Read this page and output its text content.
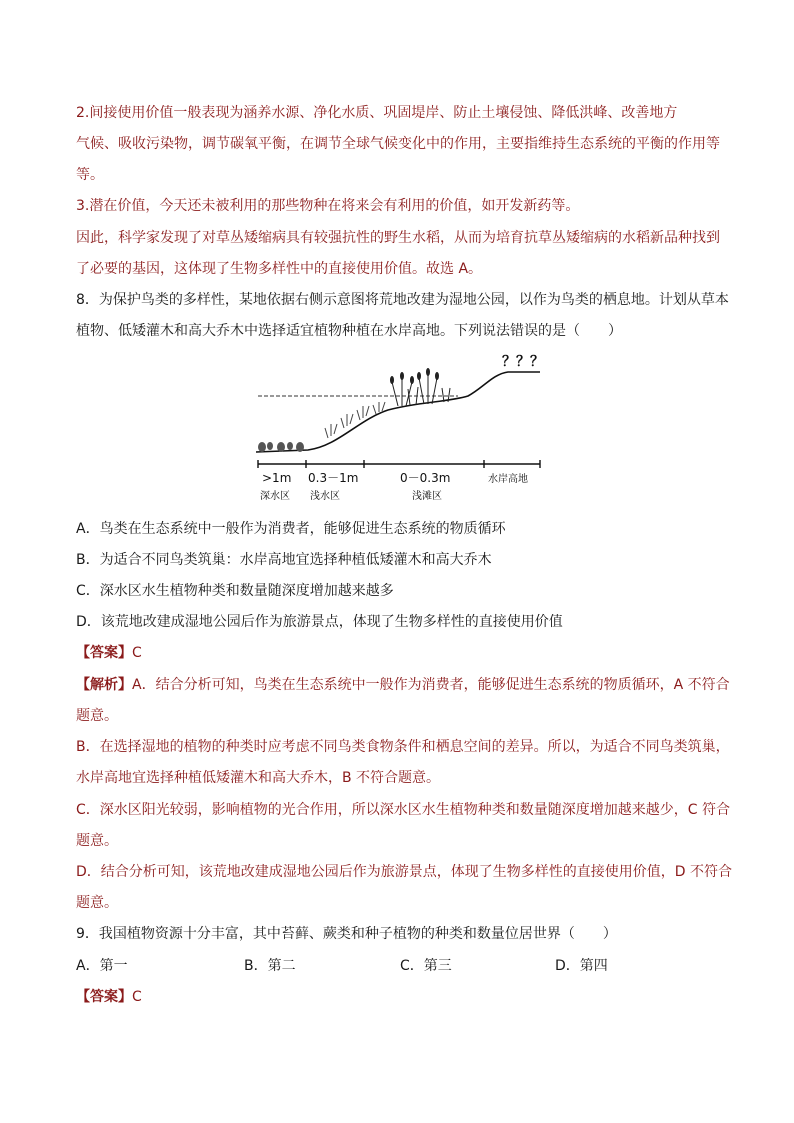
2.间接使用价值一般表现为涵养水源、净化水质、巩固堤岸、防止土壤侵蚀、降低洪峰、改善地方
气候、吸收污染物，调节碳氧平衡，在调节全球气候变化中的作用，主要指维持生态系统的平衡的作用等
等。
3.潜在价值，今天还未被利用的那些物种在将来会有利用的价值，如开发新药等。
因此，科学家发现了对草丛矮缩病具有较强抗性的野生水稻，从而为培育抗草丛矮缩病的水稻新品种找到
了必要的基因，这体现了生物多样性中的直接使用价值。故选 A。
8．为保护鸟类的多样性，某地依据右侧示意图将荒地改建为湿地公园，以作为鸟类的栖息地。计划从草本
植物、低矮灌木和高大乔木中选择适宜植物种植在水岸高地。下列说法错误的是（　　）
？？？
>1m 0.3－1m	0－0.3m	水岸高地
深水区 浅水区	浅滩区
A．鸟类在生态系统中一般作为消费者，能够促进生态系统的物质循环
B．为适合不同鸟类筑巢：水岸高地宜选择种植低矮灌木和高大乔木
C．深水区水生植物种类和数量随深度增加越来越多
D．该荒地改建成湿地公园后作为旅游景点，体现了生物多样性的直接使用价值
【答案】C
【解析】A．结合分析可知，鸟类在生态系统中一般作为消费者，能够促进生态系统的物质循环，A 不符合
题意。
B．在选择湿地的植物的种类时应考虑不同鸟类食物条件和栖息空间的差异。所以，为适合不同鸟类筑巢，
水岸高地宜选择种植低矮灌木和高大乔木，B 不符合题意。
C．深水区阳光较弱，影响植物的光合作用，所以深水区水生植物种类和数量随深度增加越来越少，C 符合
题意。
D．结合分析可知，该荒地改建成湿地公园后作为旅游景点，体现了生物多样性的直接使用价值，D 不符合
题意。
9．我国植物资源十分丰富，其中苔藓、蕨类和种子植物的种类和数量位居世界（　　）
A．第一	B．第二	C．第三	D．第四
【答案】C
